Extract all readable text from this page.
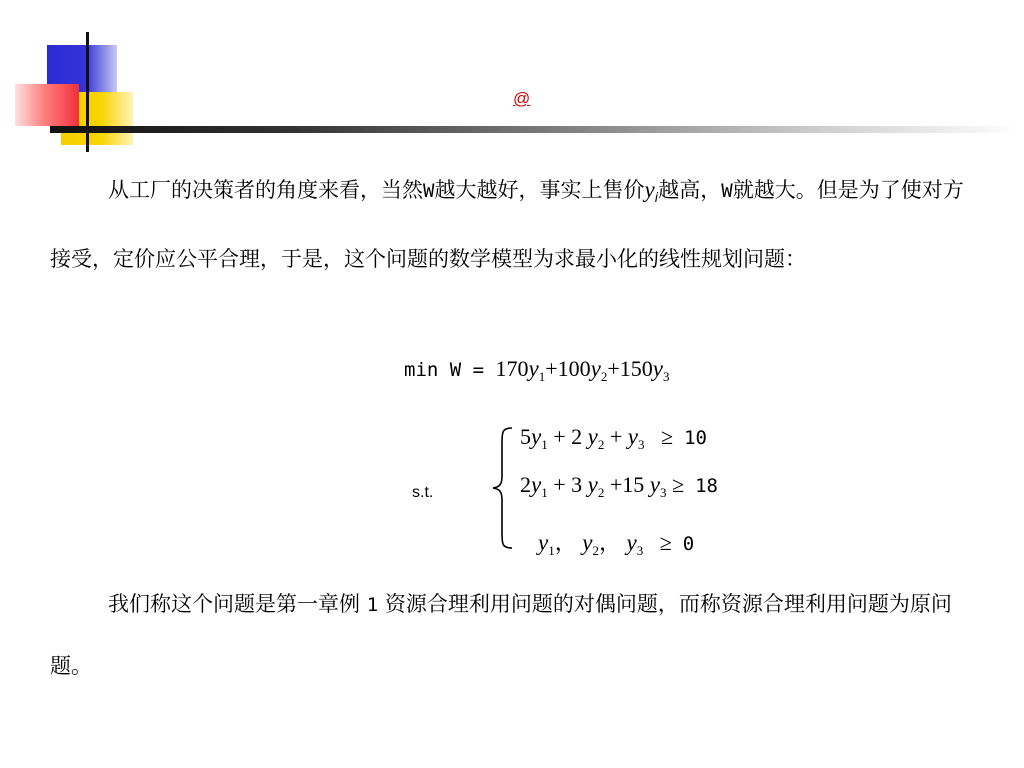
@

从工厂的决策者的角度来看，当然W越大越好，事实上售价$y_i$越高，W就越大。但是为了使对方接受，定价应公平合理，于是，这个问题的数学模型为求最小化的线性规划问题：

$\min W = 170y_1+100y_2+150y_3$
s.t.
$5y_1 + 2$ $y_2 + y_3 \ge 10$
$2y_1 + 3$ $y_2 +15$ $y_3 \ge 18$
$y_1$， $y_2$， $y_3 \ge 0$

我们称这个问题是第一章例 1 资源合理利用问题的对偶问题，而称资源合理利用问题为原问题。
